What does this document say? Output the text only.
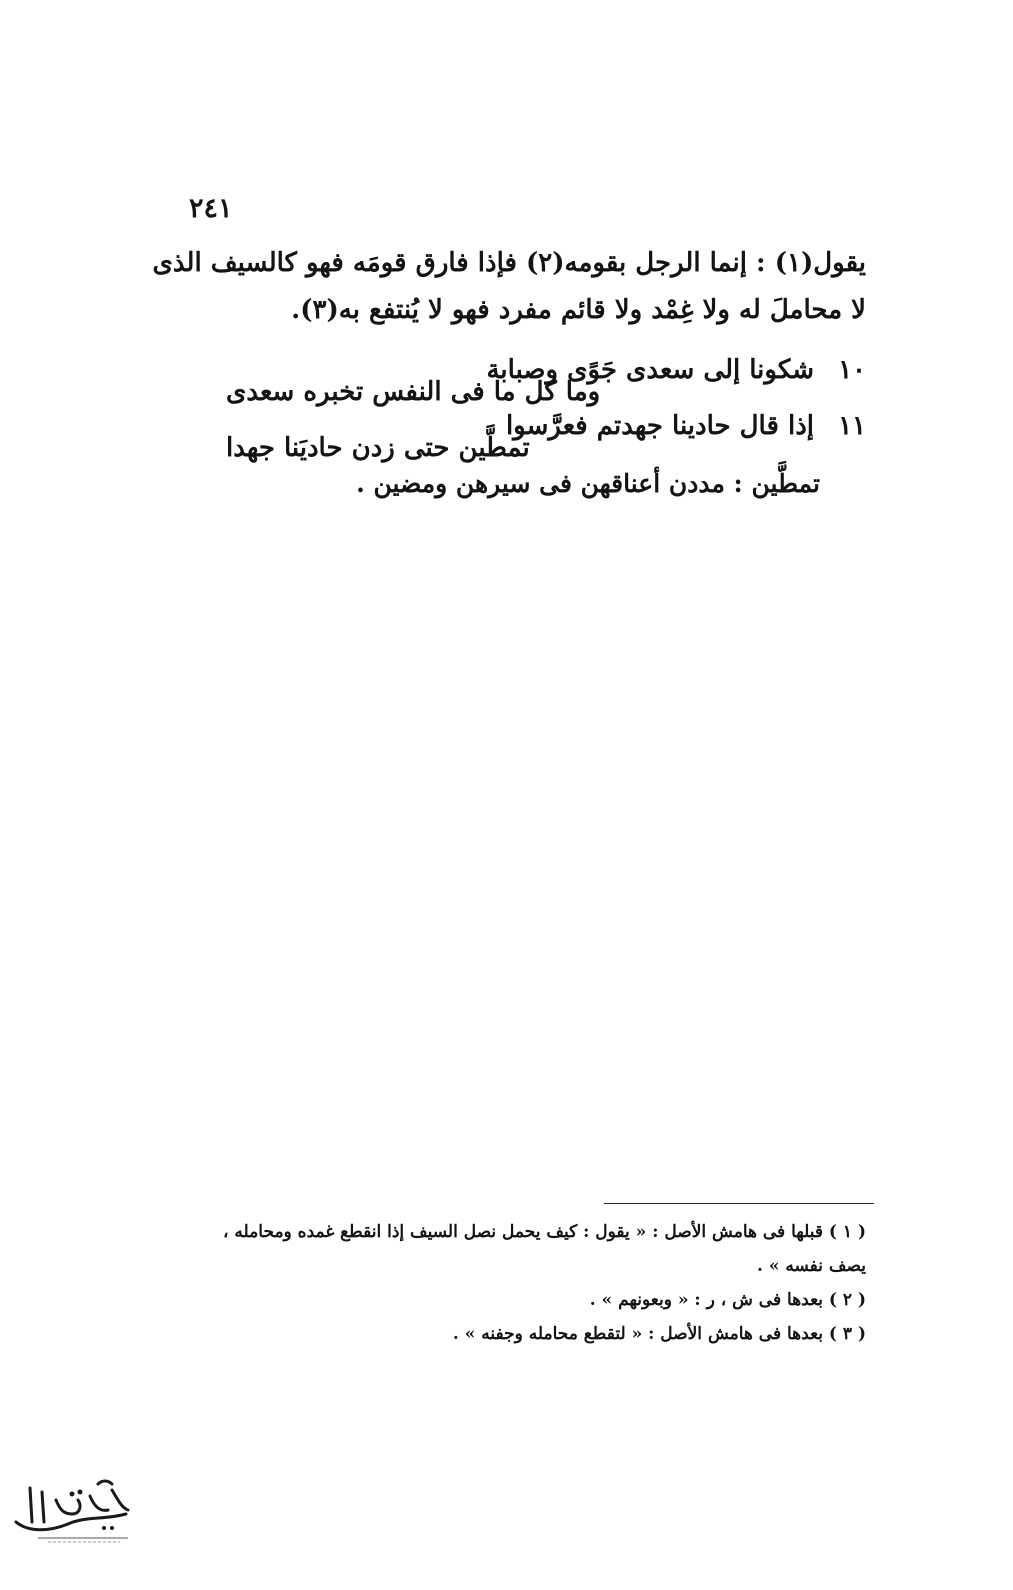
٢٤١
يقول(١) : إنما الرجل بقومه(٢) فإذا فارق قومَه فهو كالسيف الذى
لا محاملَ له ولا غِمْد ولا قائم مفرد فهو لا يُنتفع به(٣).
١٠
شكونا إلى سعدى جَوًى وصبابة
وما كل ما فى النفس تخبره سعدى
١١
إذا قال حادينا جهدتم فعرَّسوا
تمطَّين حتى زدن حاديَنا جهدا
تمطَّين : مددن أعناقهن فى سيرهن ومضين .
( ١ ) قبلها فى هامش الأصل : « يقول : كيف يحمل نصل السيف إذا انقطع غمده ومحامله ،
يصف نفسه » .
( ٢ ) بعدها فى ش ، ر : « وبعونهم » .
( ٣ ) بعدها فى هامش الأصل : « لتقطع محامله وجفنه » .
